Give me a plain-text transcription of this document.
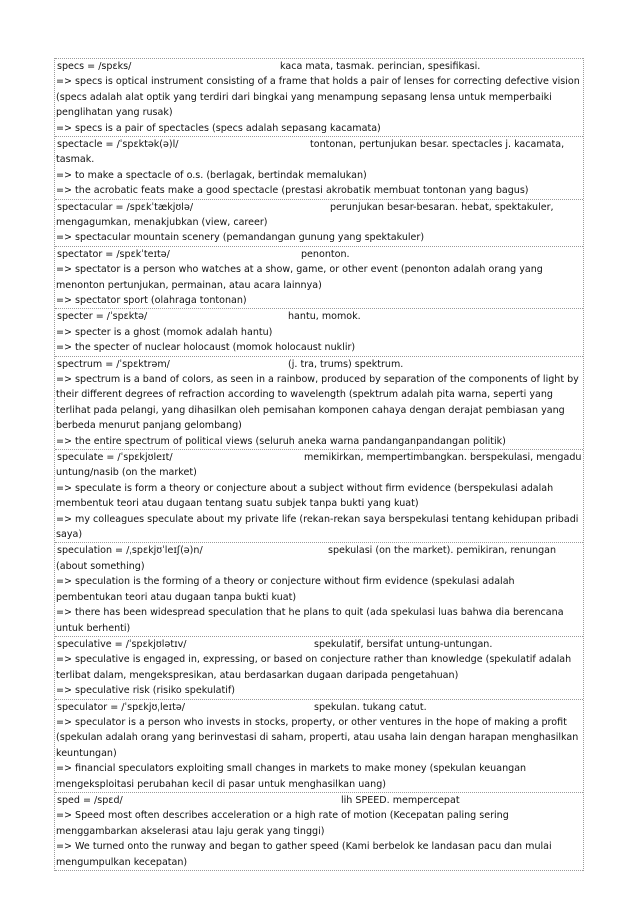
specs = /spɛks/	kaca mata, tasmak. perincian, spesifikasi.

=> specs is optical instrument consisting of a frame that holds a pair of lenses for correcting defective vision (specs adalah alat optik yang terdiri dari bingkai yang menampung sepasang lensa untuk memperbaiki penglihatan yang rusak)

=> specs is a pair of spectacles (specs adalah sepasang kacamata)

spectacle = /ˈspɛktək(ə)l/	tontonan, pertunjukan besar. spectacles j. kacamata,

tasmak.

=> to make a spectacle of o.s. (berlagak, bertindak memalukan)

=> the acrobatic feats make a good spectacle (prestasi akrobatik membuat tontonan yang bagus)

spectacular = /spɛkˈtækjʊlə/	perunjukan besar-besaran. hebat, spektakuler,

mengagumkan, menakjubkan (view, career)

=> spectacular mountain scenery (pemandangan gunung yang spektakuler)

spectator = /spɛkˈteɪtə/	penonton.

=> spectator is a person who watches at a show, game, or other event (penonton adalah orang yang menonton pertunjukan, permainan, atau acara lainnya)

=> spectator sport (olahraga tontonan)

specter = /ˈspɛktə/	hantu, momok.

=> specter is a ghost (momok adalah hantu)

=> the specter of nuclear holocaust (momok holocaust nuklir)

spectrum = /ˈspɛktrəm/	(j. tra, trums) spektrum.

=> spectrum is a band of colors, as seen in a rainbow, produced by separation of the components of light by their different degrees of refraction according to wavelength (spektrum adalah pita warna, seperti yang terlihat pada pelangi, yang dihasilkan oleh pemisahan komponen cahaya dengan derajat pembiasan yang berbeda menurut panjang gelombang)

=> the entire spectrum of political views (seluruh aneka warna pandanganpandangan politik)

speculate = /ˈspɛkjʊleɪt/	memikirkan, mempertimbangkan. berspekulasi, mengadu

untung/nasib (on the market)

=> speculate is form a theory or conjecture about a subject without firm evidence (berspekulasi adalah membentuk teori atau dugaan tentang suatu subjek tanpa bukti yang kuat)

=> my colleagues speculate about my private life (rekan-rekan saya berspekulasi tentang kehidupan pribadi saya)

speculation = /ˌspɛkjʊˈleɪʃ(ə)n/	spekulasi (on the market). pemikiran, renungan

(about something)

=> speculation is the forming of a theory or conjecture without firm evidence (spekulasi adalah pembentukan teori atau dugaan tanpa bukti kuat)

=> there has been widespread speculation that he plans to quit (ada spekulasi luas bahwa dia berencana untuk berhenti)

speculative = /ˈspɛkjʊlətɪv/	spekulatif, bersifat untung-untungan.

=> speculative is engaged in, expressing, or based on conjecture rather than knowledge (spekulatif adalah terlibat dalam, mengekspresikan, atau berdasarkan dugaan daripada pengetahuan)

=> speculative risk (risiko spekulatif)

speculator = /ˈspɛkjʊˌleɪtə/	spekulan. tukang catut.

=> speculator is a person who invests in stocks, property, or other ventures in the hope of making a profit (spekulan adalah orang yang berinvestasi di saham, properti, atau usaha lain dengan harapan menghasilkan keuntungan)

=> financial speculators exploiting small changes in markets to make money (spekulan keuangan mengeksploitasi perubahan kecil di pasar untuk menghasilkan uang)

sped = /spɛd/	lih SPEED. mempercepat

=> Speed most often describes acceleration or a high rate of motion (Kecepatan paling sering menggambarkan akselerasi atau laju gerak yang tinggi)

=> We turned onto the runway and began to gather speed (Kami berbelok ke landasan pacu dan mulai mengumpulkan kecepatan)
